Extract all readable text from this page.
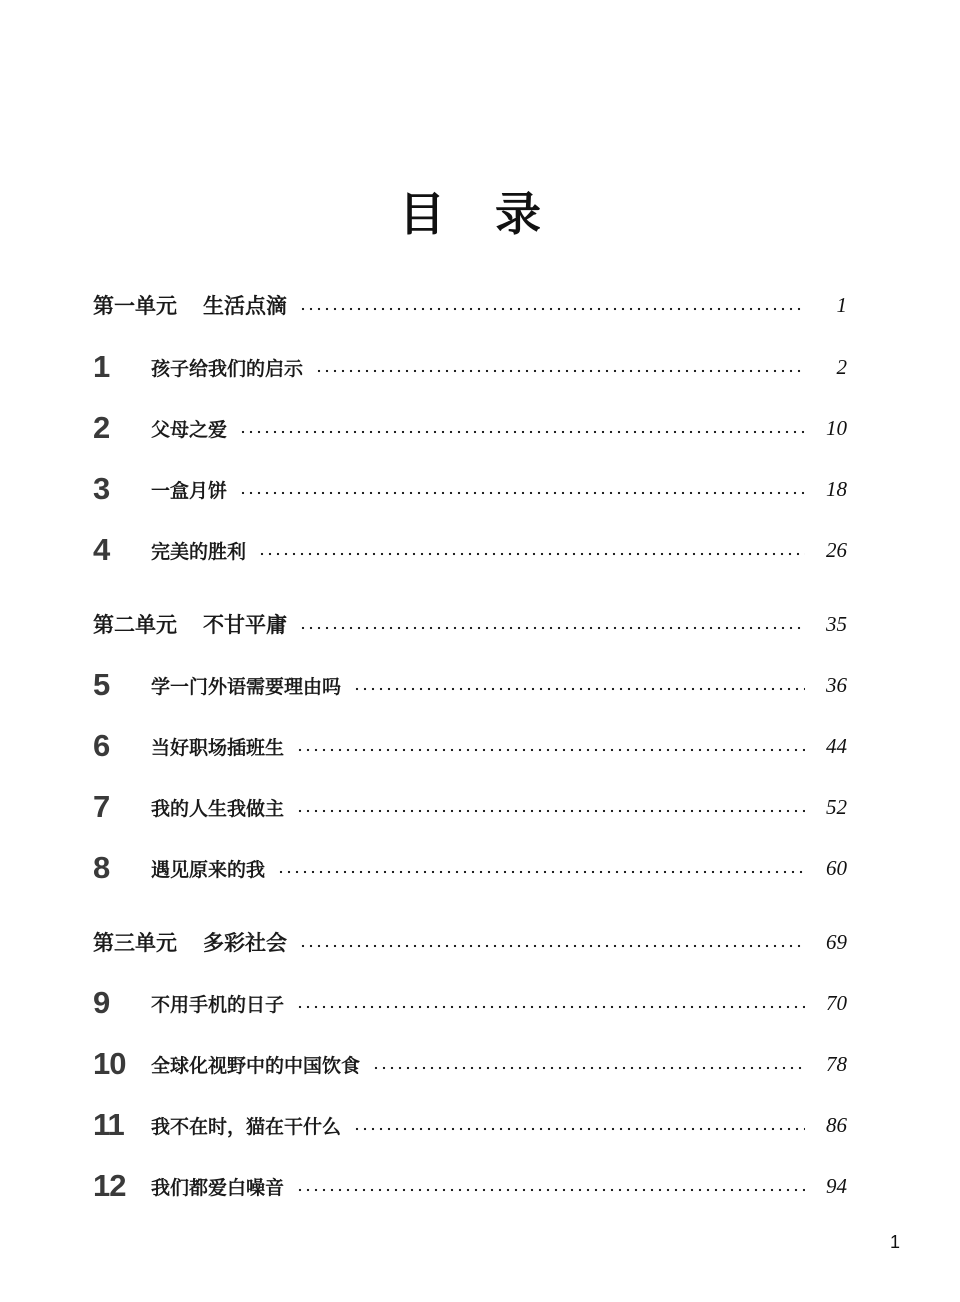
目 录
第一单元 生活点滴	1
1	孩子给我们的启示	2
2	父母之爱	10
3	一盒月饼	18
4	完美的胜利	26
第二单元 不甘平庸	35
5	学一门外语需要理由吗	36
6	当好职场插班生	44
7	我的人生我做主	52
8	遇见原来的我	60
第三单元 多彩社会	69
9	不用手机的日子	70
10	全球化视野中的中国饮食	78
11	我不在时，猫在干什么	86
12	我们都爱白噪音	94
1
